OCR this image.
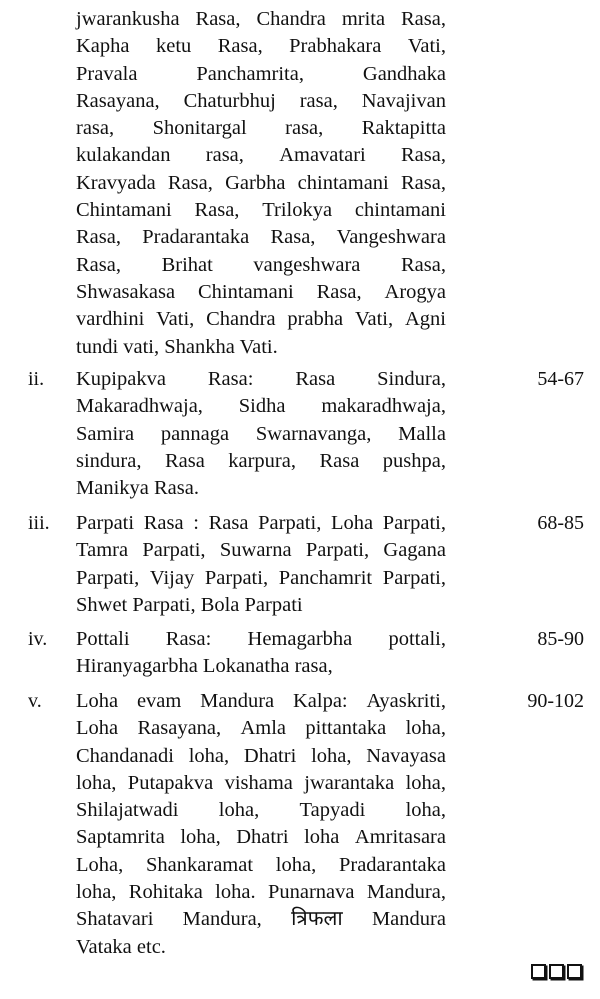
jwarankusha Rasa, Chandra mrita Rasa,
Kapha ketu Rasa, Prabhakara Vati,
Pravala	Panchamrita,	Gandhaka
Rasayana, Chaturbhuj rasa, Navajivan
rasa, Shonitargal rasa, Raktapitta
kulakandan rasa, Amavatari Rasa,
Kravyada Rasa, Garbha chintamani Rasa,
Chintamani Rasa, Trilokya chintamani
Rasa, Pradarantaka Rasa, Vangeshwara
Rasa, Brihat vangeshwara Rasa,
Shwasakasa Chintamani Rasa, Arogya
vardhini Vati, Chandra prabha Vati, Agni
tundi vati, Shankha Vati.
ii. Kupipakva Rasa: Rasa Sindura,
Makaradhwaja, Sidha makaradhwaja,
Samira pannaga Swarnavanga, Malla
sindura, Rasa karpura, Rasa pushpa,
Manikya Rasa.
54-67
iii. Parpati Rasa : Rasa Parpati, Loha Parpati,
Tamra Parpati, Suwarna Parpati, Gagana
Parpati, Vijay Parpati, Panchamrit Parpati,
Shwet Parpati, Bola Parpati
68-85
iv. Pottali Rasa: Hemagarbha pottali,
Hiranyagarbha Lokanatha rasa,
85-90
v. Loha evam Mandura Kalpa: Ayaskriti,
Loha Rasayana, Amla pittantaka loha,
Chandanadi loha, Dhatri loha, Navayasa
loha, Putapakva vishama jwarantaka loha,
Shilajatwadi loha, Tapyadi loha,
Saptamrita loha, Dhatri loha Amritasara
Loha, Shankaramat loha, Pradarantaka
loha, Rohitaka loha. Punarnava Mandura,
Shatavari Mandura, त्रिफला Mandura
Vataka etc.
90-102
